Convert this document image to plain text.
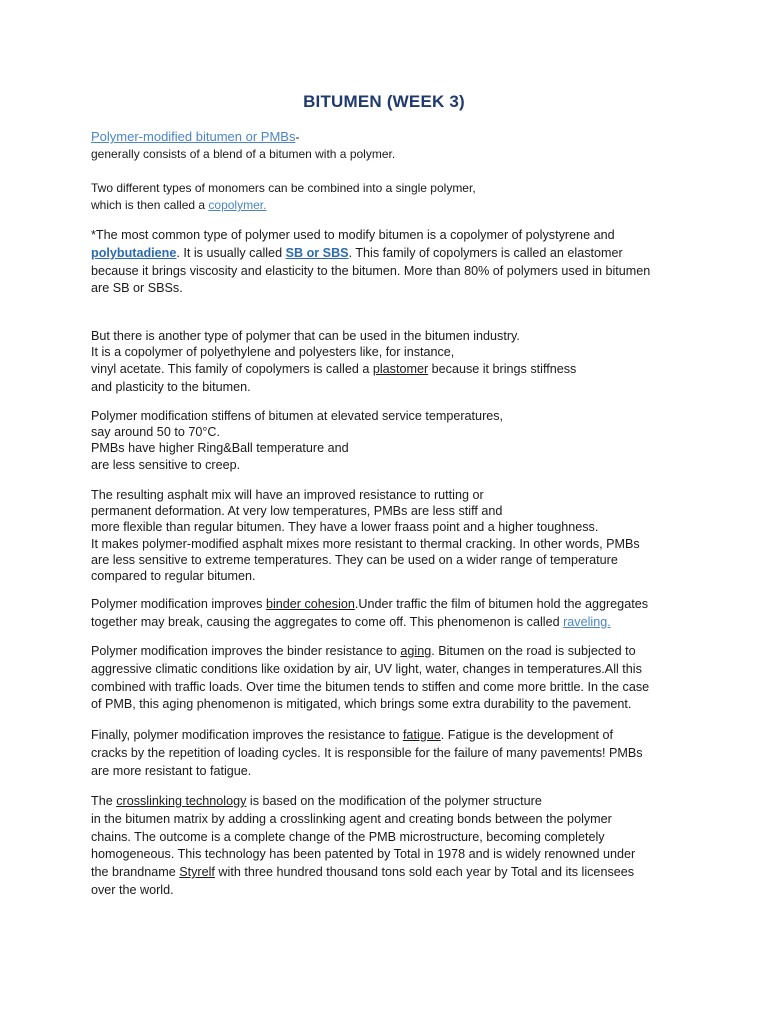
BITUMEN (WEEK 3)
Polymer-modified bitumen or PMBs-
generally consists of a blend of a bitumen with a polymer.
Two different types of monomers can be combined into a single polymer,
which is then called a copolymer.
*The most common type of polymer used to modify bitumen is a copolymer of polystyrene and
polybutadiene. It is usually called SB or SBS. This family of copolymers is called an elastomer
because it brings viscosity and elasticity to the bitumen. More than 80% of polymers used in bitumen
are SB or SBSs.
But there is another type of polymer that can be used in the bitumen industry.
It is a copolymer of polyethylene and polyesters like, for instance,
vinyl acetate. This family of copolymers is called a plastomer because it brings stiffness
and plasticity to the bitumen.
Polymer modification stiffens of bitumen at elevated service temperatures,
say around 50 to 70°C.
PMBs have higher Ring&Ball temperature and
are less sensitive to creep.
The resulting asphalt mix will have an improved resistance to rutting or
permanent deformation. At very low temperatures, PMBs are less stiff and
more flexible than regular bitumen. They have a lower fraass point and a higher toughness.
It makes polymer-modified asphalt mixes more resistant to thermal cracking. In other words, PMBs
are less sensitive to extreme temperatures. They can be used on a wider range of temperature
compared to regular bitumen.
Polymer modification improves binder cohesion.Under traffic the film of bitumen hold the aggregates
together may break, causing the aggregates to come off. This phenomenon is called raveling.
Polymer modification improves the binder resistance to aging. Bitumen on the road is subjected to
aggressive climatic conditions like oxidation by air, UV light, water, changes in temperatures.All this
combined with traffic loads. Over time the bitumen tends to stiffen and come more brittle. In the case
of PMB, this aging phenomenon is mitigated, which brings some extra durability to the pavement.
Finally, polymer modification improves the resistance to fatigue. Fatigue is the development of
cracks by the repetition of loading cycles. It is responsible for the failure of many pavements! PMBs
are more resistant to fatigue.
The crosslinking technology is based on the modification of the polymer structure
in the bitumen matrix by adding a crosslinking agent and creating bonds between the polymer
chains. The outcome is a complete change of the PMB microstructure, becoming completely
homogeneous. This technology has been patented by Total in 1978 and is widely renowned under
the brandname Styrelf with three hundred thousand tons sold each year by Total and its licensees
over the world.
